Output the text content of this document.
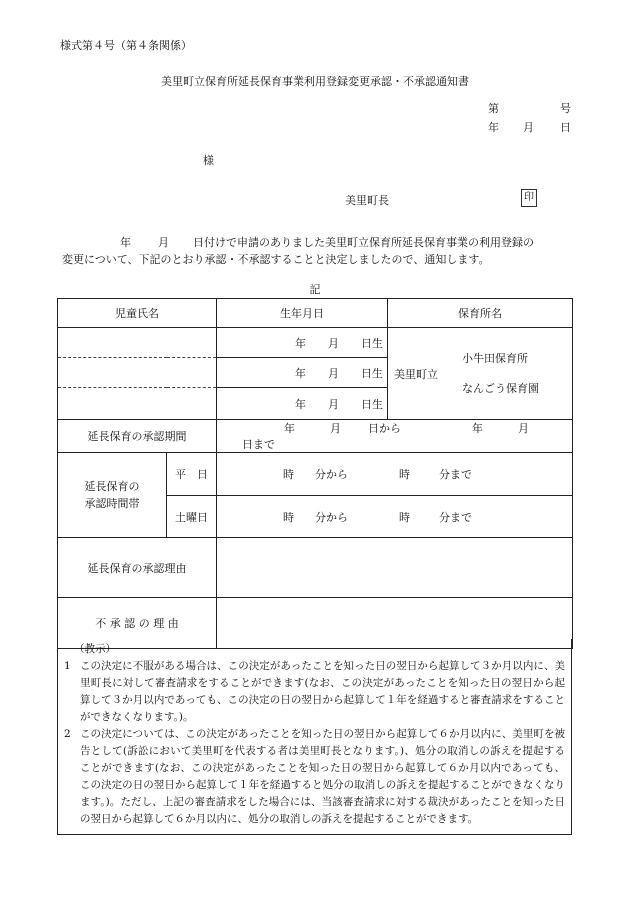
様式第４号（第４条関係）
美里町立保育所延長保育事業利用登録変更承認・不承認通知書
第	号
年 月 日
様
美里町長	印
年 月 日付けで申請のありました美里町立保育所延長保育事業の利用登録の
変更について、下記のとおり承認・不承認することと決定しましたので、通知します。
記
児童氏名		生年月日	保育所名
		年 月 日生	美里町立
小牛田保育所
なんごう保育園

		年 月 日生	
		年 月 日生	
延長保育の承認期間		年 月 日から 年 月日まで	

延長保育の
承認時間帯	平　日	時 分から 時 分まで	
	土曜日	時 分から 時 分まで	
延長保育の承認理由			
不 承 認 の 理 由			
（教示）
1 この決定に不服がある場合は、この決定があったことを知った日の翌日から起算して３か月以内に、美里町長に対して審査請求をすることができます(なお、この決定があったことを知った日の翌日から起算して３か月以内であっても、この決定の日の翌日から起算して１年を経過すると審査請求をすることができなくなります。)。
2 この決定については、この決定があったことを知った日の翌日から起算して６か月以内に、美里町を被告として(訴訟において美里町を代表する者は美里町長となります。)、処分の取消しの訴えを提起することができます(なお、この決定があったことを知った日の翌日から起算して６か月以内であっても、この決定の日の翌日から起算して１年を経過すると処分の取消しの訴えを提起することができなくなります。)。ただし、上記の審査請求をした場合には、当該審査請求に対する裁決があったことを知った日の翌日から起算して６か月以内に、処分の取消しの訴えを提起することができます。
